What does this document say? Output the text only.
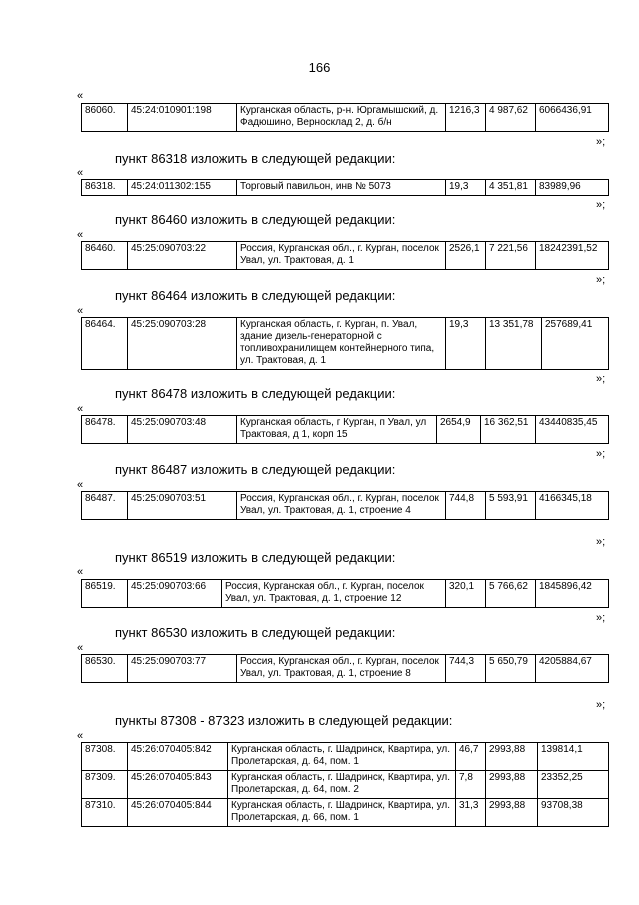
166
«
86060.	45:24:010901:198	Курганская область, р-н. Юргамышский, д. Фадюшино, Верносклад 2, д. б/н	1216,3	4 987,62	6066436,91
»;
пункт 86318 изложить в следующей редакции:
«
86318.	45:24:011302:155	Торговый павильон, инв № 5073	19,3	4 351,81	83989,96
»;
пункт 86460 изложить в следующей редакции:
«
86460.	45:25:090703:22	Россия, Курганская обл., г. Курган, поселок Увал, ул. Трактовая, д. 1	2526,1	7 221,56	18242391,52
»;
пункт 86464 изложить в следующей редакции:
«
86464.	45:25:090703:28	Курганская область, г. Курган, п. Увал, здание дизель-генераторной с топливохранилищем контейнерного типа, ул. Трактовая, д. 1	19,3	13 351,78	257689,41
»;
пункт 86478 изложить в следующей редакции:
«
86478.	45:25:090703:48	Курганская область, г Курган, п Увал, ул Трактовая, д 1, корп 15	2654,9	16 362,51	43440835,45
»;
пункт 86487 изложить в следующей редакции:
«
86487.	45:25:090703:51	Россия, Курганская обл., г. Курган, поселок Увал, ул. Трактовая, д. 1, строение 4	744,8	5 593,91	4166345,18
»;
пункт 86519 изложить в следующей редакции:
«
86519.	45:25:090703:66	Россия, Курганская обл., г. Курган, поселок Увал, ул. Трактовая, д. 1, строение 12	320,1	5 766,62	1845896,42
»;
пункт 86530 изложить в следующей редакции:
«
86530.	45:25:090703:77	Россия, Курганская обл., г. Курган, поселок Увал, ул. Трактовая, д. 1, строение 8	744,3	5 650,79	4205884,67
»;
пункты 87308 - 87323 изложить в следующей редакции:
«
87308.	45:26:070405:842	Курганская область, г. Шадринск, Квартира, ул. Пролетарская, д. 64, пом. 1	46,7	2993,88	139814,1
87309.	45:26:070405:843	Курганская область, г. Шадринск, Квартира, ул. Пролетарская, д. 64, пом. 2	7,8	2993,88	23352,25
87310.	45:26:070405:844	Курганская область, г. Шадринск, Квартира, ул. Пролетарская, д. 66, пом. 1	31,3	2993,88	93708,38
